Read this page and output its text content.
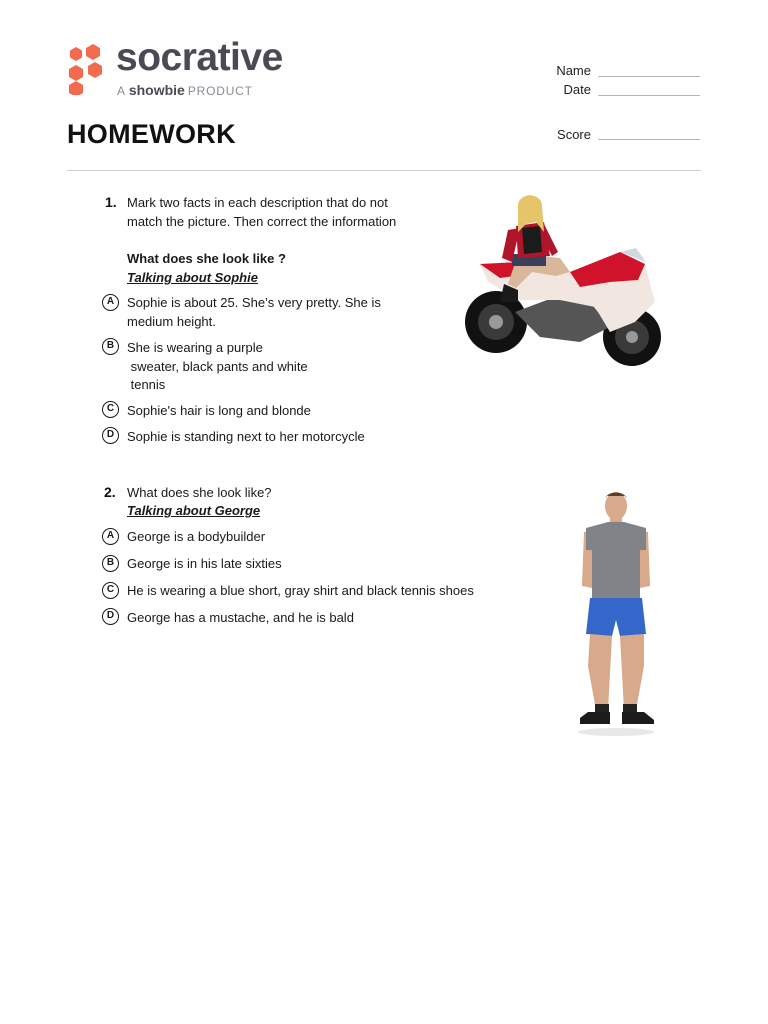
socrative
A showbie PRODUCT
HOMEWORK
Name
Date
Score
1. Mark two facts in each description that do not
match the picture. Then correct the information
What does she look like ?
Talking about Sophie
A Sophie is about 25. She’s very pretty. She is
medium height.
B She is wearing a purple
sweater, black pants and white
tennis
C Sophie's hair is long and blonde
D Sophie is standing next to her motorcycle
2. What does she look like?
Talking about George
A George is a bodybuilder
B George is in his late sixties
C He is wearing a blue short, gray shirt and black tennis shoes
D George has a mustache, and he is bald
